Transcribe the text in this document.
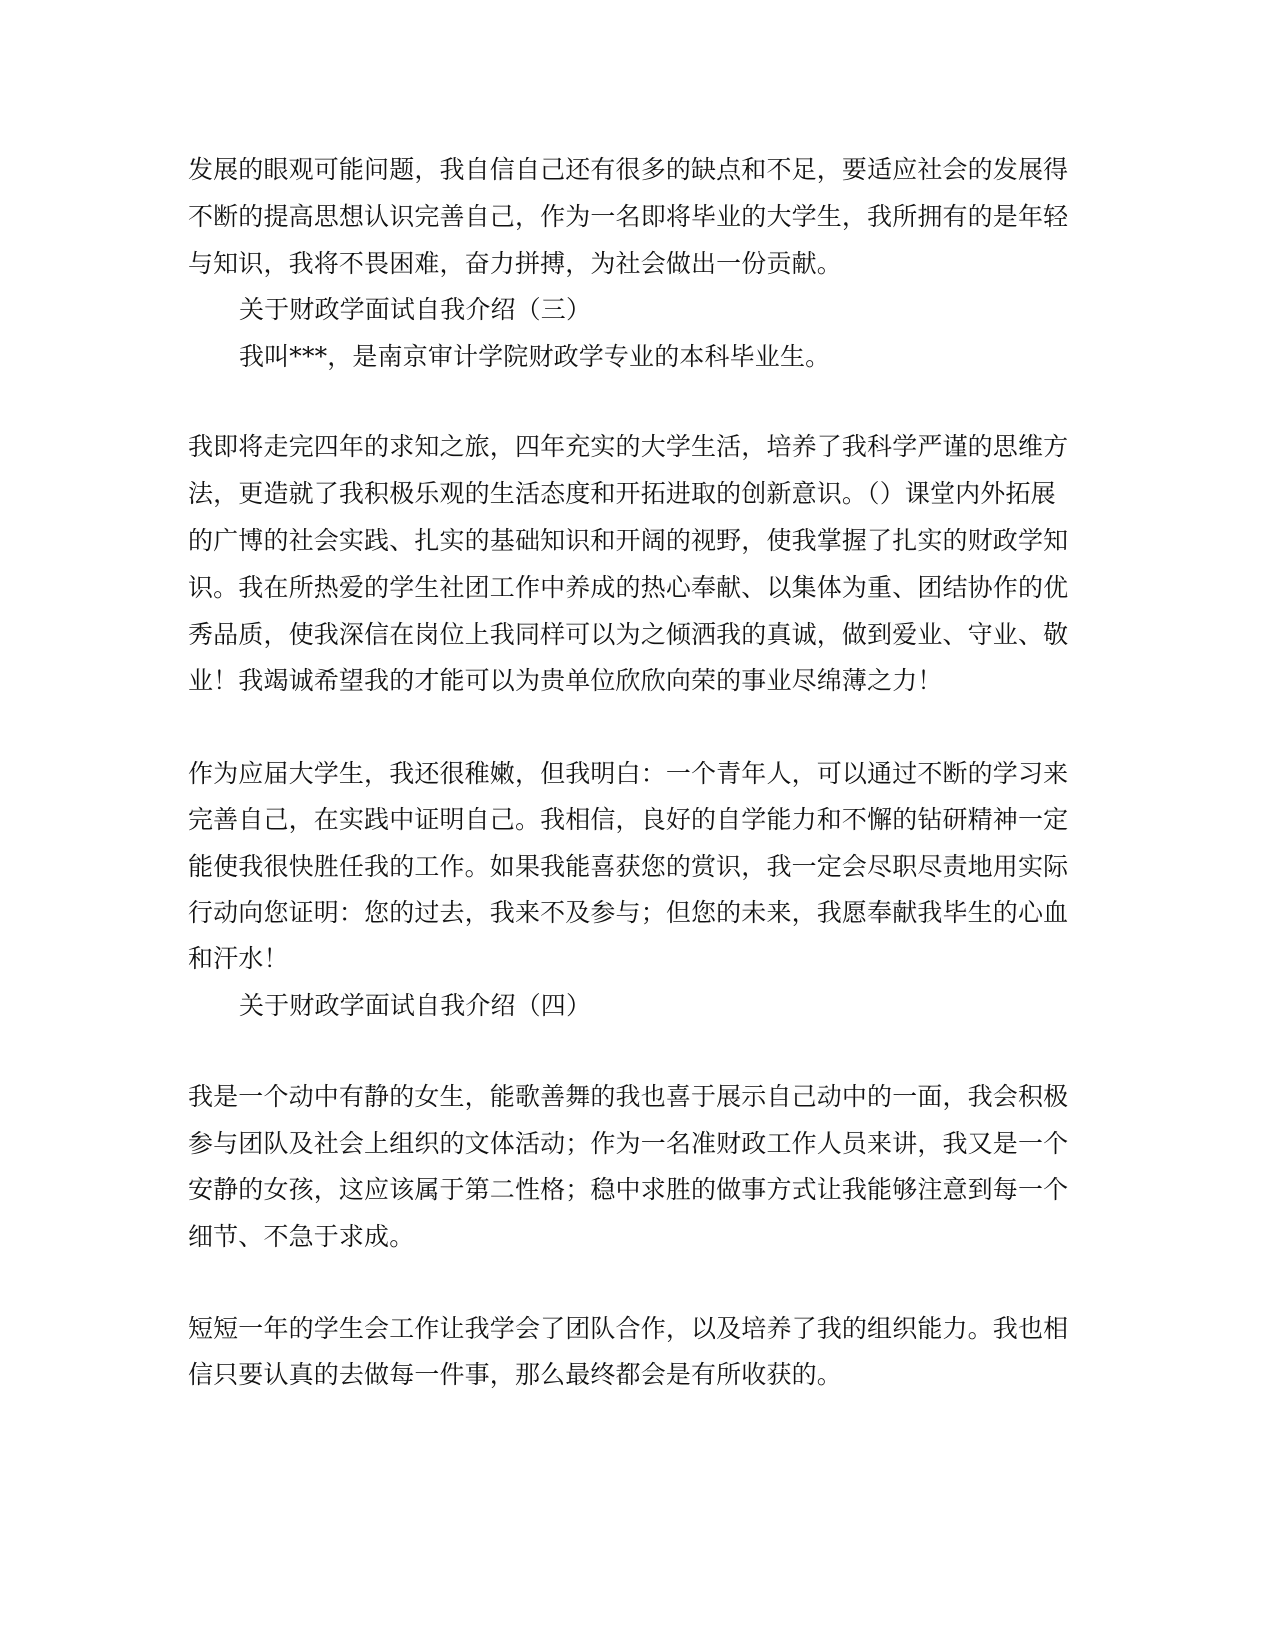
发展的眼观可能问题，我自信自己还有很多的缺点和不足，要适应社会的发展得
不断的提高思想认识完善自己，作为一名即将毕业的大学生，我所拥有的是年轻
与知识，我将不畏困难，奋力拼搏，为社会做出一份贡献。
关于财政学面试自我介绍（三）
我叫***，是南京审计学院财政学专业的本科毕业生。
我即将走完四年的求知之旅，四年充实的大学生活，培养了我科学严谨的思维方
法，更造就了我积极乐观的生活态度和开拓进取的创新意识。（）课堂内外拓展
的广博的社会实践、扎实的基础知识和开阔的视野，使我掌握了扎实的财政学知
识。我在所热爱的学生社团工作中养成的热心奉献、以集体为重、团结协作的优
秀品质，使我深信在岗位上我同样可以为之倾洒我的真诚，做到爱业、守业、敬
业！我竭诚希望我的才能可以为贵单位欣欣向荣的事业尽绵薄之力！
作为应届大学生，我还很稚嫩，但我明白：一个青年人，可以通过不断的学习来
完善自己，在实践中证明自己。我相信，良好的自学能力和不懈的钻研精神一定
能使我很快胜任我的工作。如果我能喜获您的赏识，我一定会尽职尽责地用实际
行动向您证明：您的过去，我来不及参与；但您的未来，我愿奉献我毕生的心血
和汗水！
关于财政学面试自我介绍（四）
我是一个动中有静的女生，能歌善舞的我也喜于展示自己动中的一面，我会积极
参与团队及社会上组织的文体活动；作为一名准财政工作人员来讲，我又是一个
安静的女孩，这应该属于第二性格；稳中求胜的做事方式让我能够注意到每一个
细节、不急于求成。
短短一年的学生会工作让我学会了团队合作，以及培养了我的组织能力。我也相
信只要认真的去做每一件事，那么最终都会是有所收获的。
